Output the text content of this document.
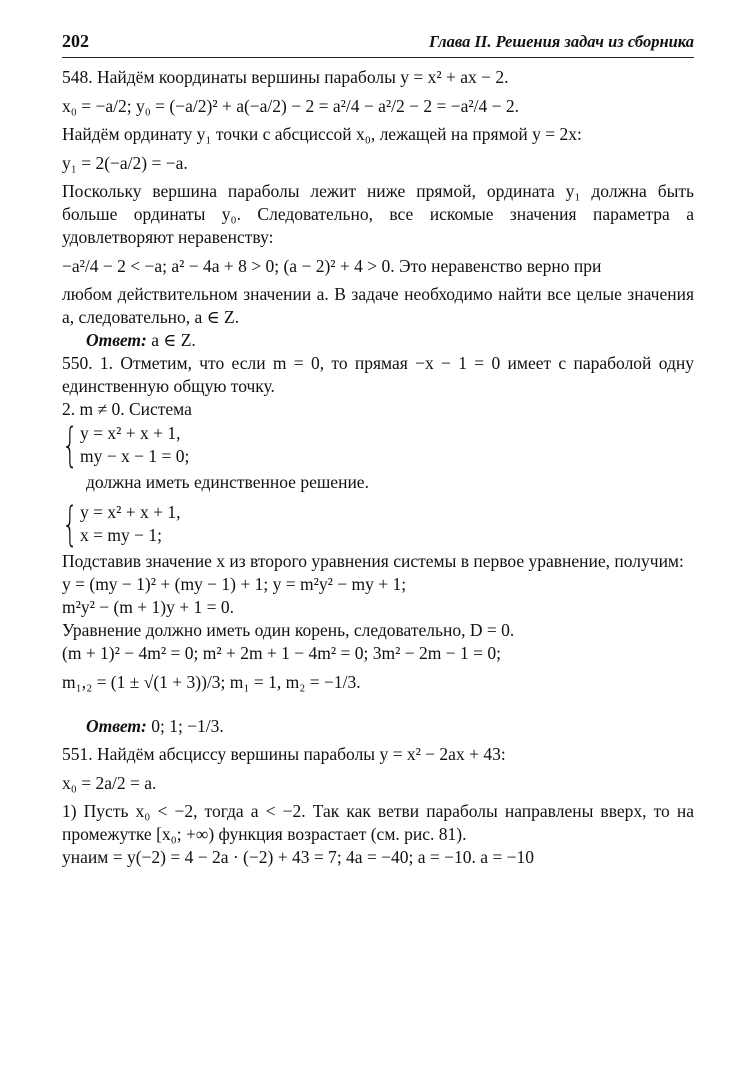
202	Глава II. Решения задач из сборника
548. Найдём координаты вершины параболы y = x² + ax − 2.
x₀ = −a/2; y₀ = (−a/2)² + a(−a/2) − 2 = a²/4 − a²/2 − 2 = −a²/4 − 2.
Найдём ординату y₁ точки с абсциссой x₀, лежащей на прямой y = 2x:
y₁ = 2(−a/2) = −a.
Поскольку вершина параболы лежит ниже прямой, ордината y₁ должна быть больше ординаты y₀. Следовательно, все искомые значения параметра a удовлетворяют неравенству:
−a²/4 − 2 < −a; a² − 4a + 8 > 0; (a − 2)² + 4 > 0. Это неравенство верно при
любом действительном значении a. В задаче необходимо найти все целые значения a, следовательно, a ∈ Z.
Ответ: a ∈ Z.
550. 1. Отметим, что если m = 0, то прямая −x − 1 = 0 имеет с параболой одну единственную общую точку.
2. m ≠ 0. Система
{ y = x² + x + 1,
my − x − 1 = 0;
должна иметь единственное решение.
{ y = x² + x + 1,
x = my − 1;
Подставив значение x из второго уравнения системы в первое уравнение, получим:
y = (my − 1)² + (my − 1) + 1; y = m²y² − my + 1;
m²y² − (m + 1)y + 1 = 0.
Уравнение должно иметь один корень, следовательно, D = 0.
(m + 1)² − 4m² = 0; m² + 2m + 1 − 4m² = 0; 3m² − 2m − 1 = 0;
m₁,₂ = (1 ± √(1 + 3))/3; m₁ = 1, m₂ = −1/3.
Ответ: 0; 1; −1/3.
551. Найдём абсциссу вершины параболы y = x² − 2ax + 43:
x₀ = 2a/2 = a.
1) Пусть x₀ < −2, тогда a < −2. Так как ветви параболы направлены вверх, то на промежутке [x₀; +∞) функция возрастает (см. рис. 81).
yнаим = y(−2) = 4 − 2a · (−2) + 43 = 7; 4a = −40; a = −10. a = −10
